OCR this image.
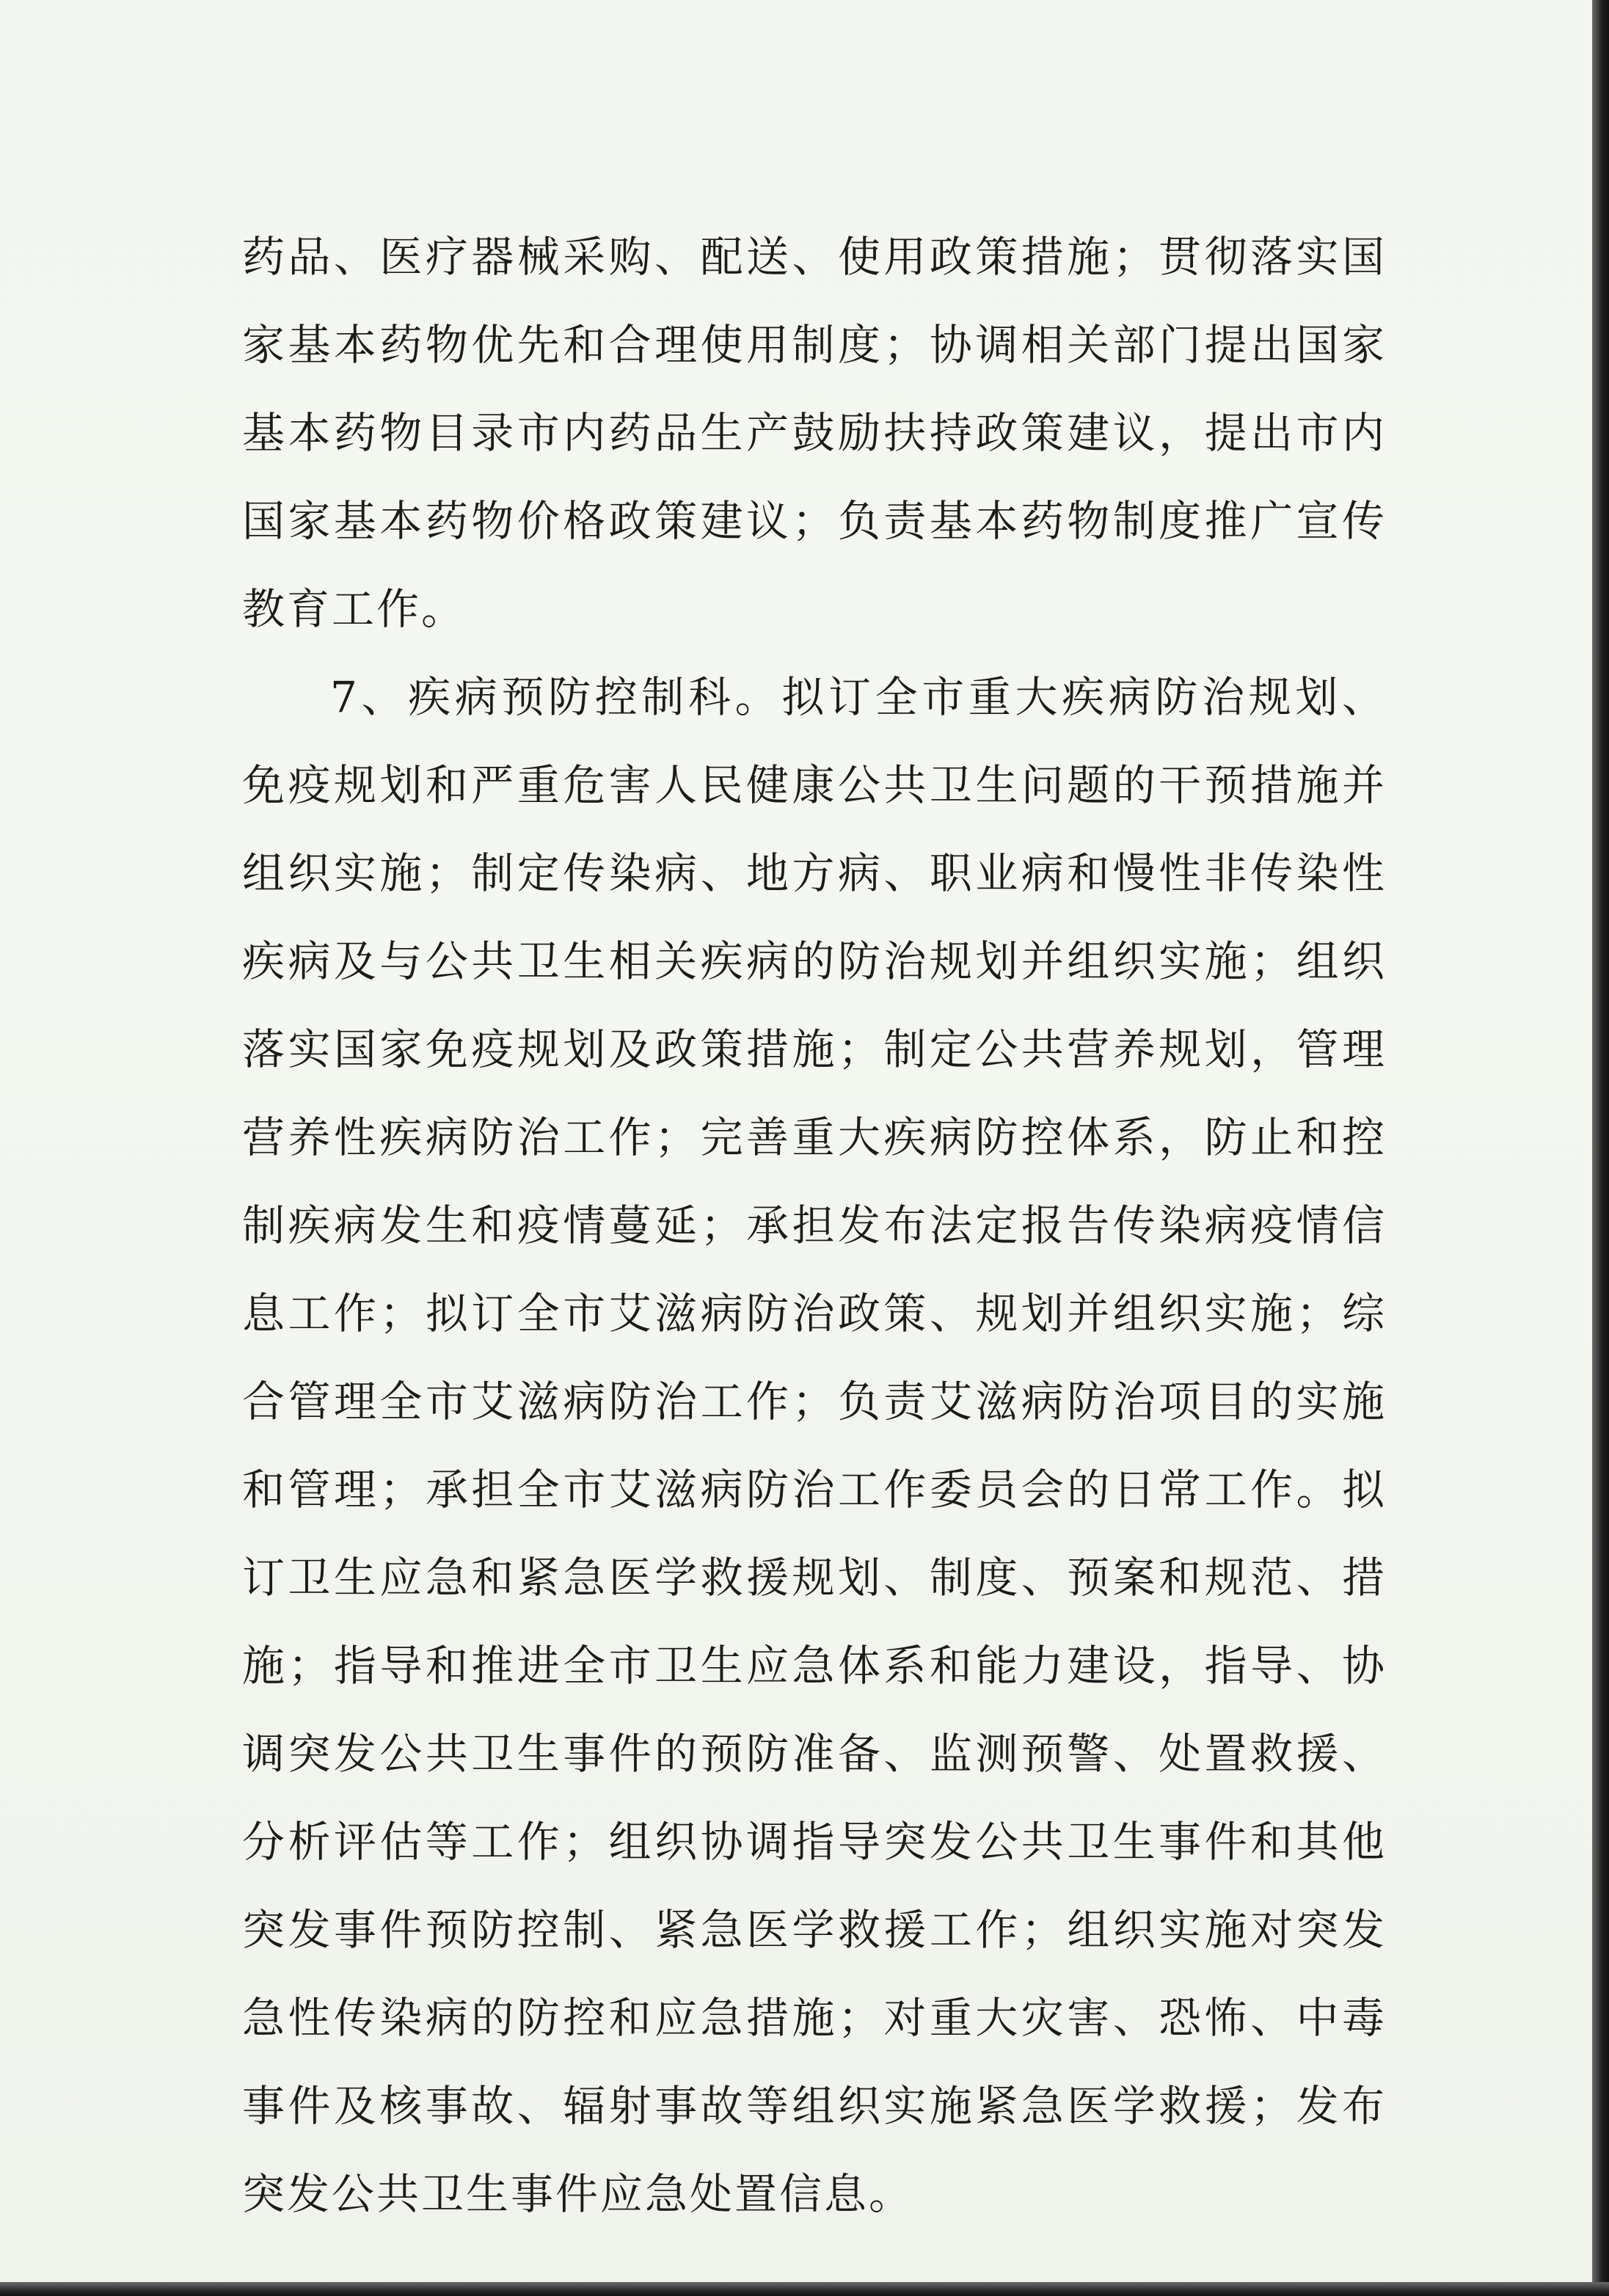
药品、医疗器械采购、配送、使用政策措施；贯彻落实国家基本药物优先和合理使用制度；协调相关部门提出国家基本药物目录市内药品生产鼓励扶持政策建议，提出市内国家基本药物价格政策建议；负责基本药物制度推广宣传教育工作。

7、疾病预防控制科。拟订全市重大疾病防治规划、免疫规划和严重危害人民健康公共卫生问题的干预措施并组织实施；制定传染病、地方病、职业病和慢性非传染性疾病及与公共卫生相关疾病的防治规划并组织实施；组织落实国家免疫规划及政策措施；制定公共营养规划，管理营养性疾病防治工作；完善重大疾病防控体系，防止和控制疾病发生和疫情蔓延；承担发布法定报告传染病疫情信息工作；拟订全市艾滋病防治政策、规划并组织实施；综合管理全市艾滋病防治工作；负责艾滋病防治项目的实施和管理；承担全市艾滋病防治工作委员会的日常工作。拟订卫生应急和紧急医学救援规划、制度、预案和规范、措施；指导和推进全市卫生应急体系和能力建设，指导、协调突发公共卫生事件的预防准备、监测预警、处置救援、分析评估等工作；组织协调指导突发公共卫生事件和其他突发事件预防控制、紧急医学救援工作；组织实施对突发急性传染病的防控和应急措施；对重大灾害、恐怖、中毒事件及核事故、辐射事故等组织实施紧急医学救援；发布突发公共卫生事件应急处置信息。
